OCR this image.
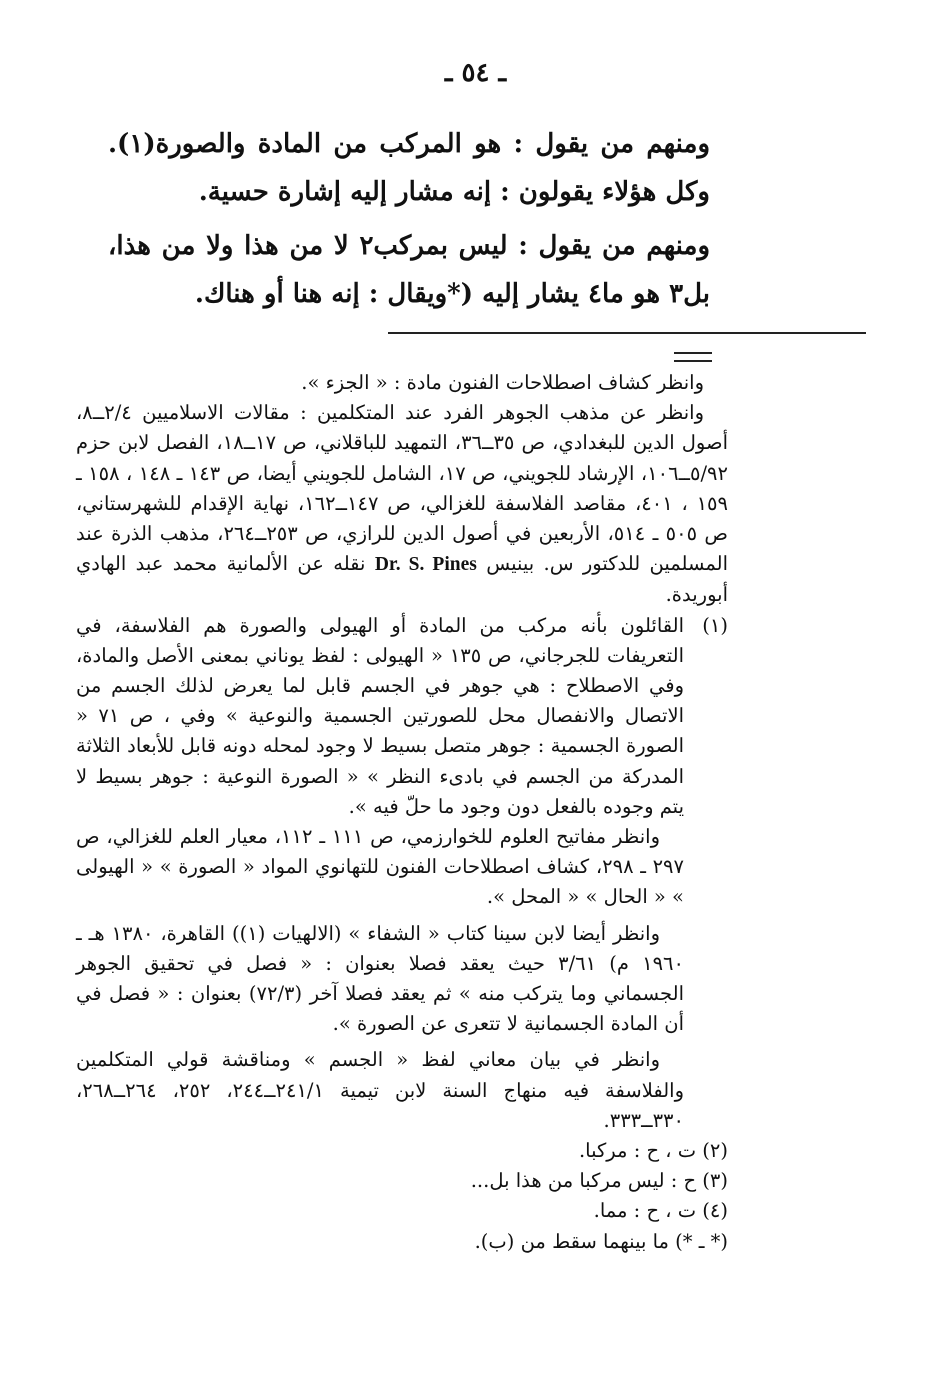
ـ ٥٤ ـ

ومنهم من يقول : هو المركب من المادة والصورة(١). وكل هؤلاء يقولون : إنه مشار إليه إشارة حسية.

ومنهم من يقول : ليس بمركب٢ لا من هذا ولا من هذا، بل٣ هو ما٤ يشار إليه (*ويقال : إنه هنا أو هناك.

وانظر كشاف اصطلاحات الفنون مادة : « الجزء ».

وانظر عن مذهب الجوهر الفرد عند المتكلمين : مقالات الاسلاميين ٢/٤ــ٨، أصول الدين للبغدادي، ص ٣٥ــ٣٦، التمهيد للباقلاني، ص ١٧ــ١٨، الفصل لابن حزم ٥/٩٢ــ١٠٦، الإرشاد للجويني، ص ١٧، الشامل للجويني أيضا، ص ١٤٣ ـ ١٤٨ ، ١٥٨ ـ ١٥٩ ، ٤٠١، مقاصد الفلاسفة للغزالي، ص ١٤٧ــ١٦٢، نهاية الإقدام للشهرستاني، ص ٥٠٥ ـ ٥١٤، الأربعين في أصول الدين للرازي، ص ٢٥٣ــ٢٦٤، مذهب الذرة عند المسلمين للدكتور س. بينيس Dr. S. Pines نقله عن الألمانية محمد عبد الهادي أبوريدة.

(١)

القائلون بأنه مركب من المادة أو الهيولى والصورة هم الفلاسفة، في التعريفات للجرجاني، ص ١٣٥ « الهيولى : لفظ يوناني بمعنى الأصل والمادة، وفي الاصطلاح : هي جوهر في الجسم قابل لما يعرض لذلك الجسم من الاتصال والانفصال محل للصورتين الجسمية والنوعية » وفي ، ص ٧١ « الصورة الجسمية : جوهر متصل بسيط لا وجود لمحله دونه قابل للأبعاد الثلاثة المدركة من الجسم في بادىء النظر » « الصورة النوعية : جوهر بسيط لا يتم وجوده بالفعل دون وجود ما حلّ فيه ».

وانظر مفاتيح العلوم للخوارزمي، ص ١١١ ـ ١١٢، معيار العلم للغزالي، ص ٢٩٧ ـ ٢٩٨، كشاف اصطلاحات الفنون للتهانوي المواد « الصورة » « الهيولى » « الحال » « المحل ».

وانظر أيضا لابن سينا كتاب « الشفاء » (الالهيات (١)) القاهرة، ١٣٨٠ هـ ـ ١٩٦٠ م) ٣/٦١ حيث يعقد فصلا بعنوان : « فصل في تحقيق الجوهر الجسماني وما يتركب منه » ثم يعقد فصلا آخر (٧٢/٣) بعنوان : « فصل في أن المادة الجسمانية لا تتعرى عن الصورة ».

وانظر في بيان معاني لفظ « الجسم » ومناقشة قولي المتكلمين والفلاسفة فيه منهاج السنة لابن تيمية ٢٤١/١ــ٢٤٤، ٢٥٢، ٢٦٤ــ٢٦٨، ٣٣٠ــ٣٣٣.

(٢) ت ، ح : مركبا.

(٣) ح : ليس مركبا من هذا بل...

(٤) ت ، ح : مما.

(* ـ *) ما بينهما سقط من (ب).
